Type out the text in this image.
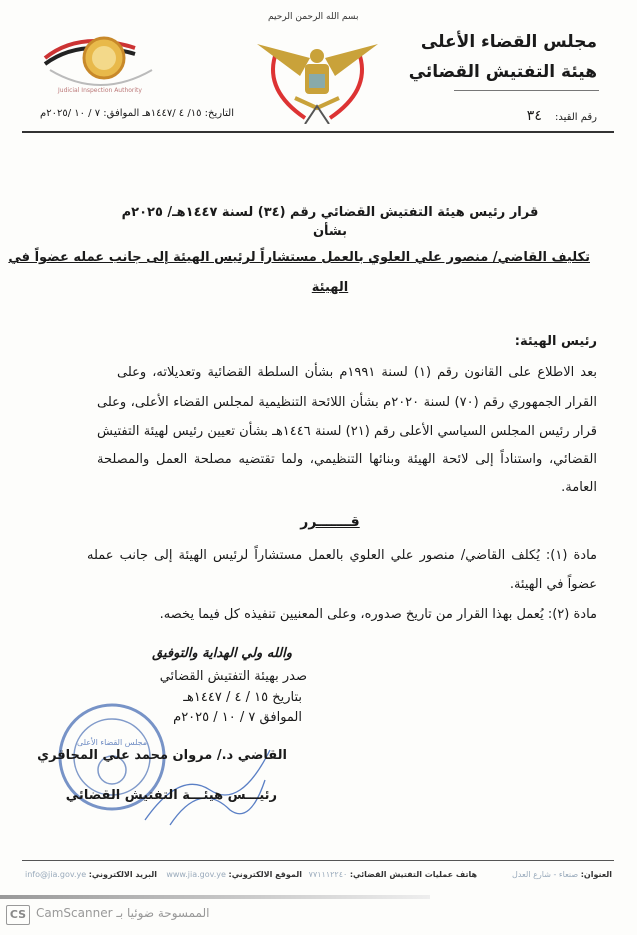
مجلس القضاء الأعلى
هيئة التفتيش القضائي
رقم القيد: ٣٤
التاريخ: ١٥/ ٤ /١٤٤٧هـ الموافق: ٧ / ١٠ /٢٠٢٥م
بسم الله الرحمن الرحيم
Judicial Inspection Authority
قرار رئيس هيئة التفتيش القضائي رقم (٣٤) لسنة ١٤٤٧هـ/ ٢٠٢٥م
بشأن
تكليف القاضي/ منصور علي العلوي بالعمل مستشاراً لرئيس الهيئة إلى جانب عمله عضواً في
الهيئة
رئيس الهيئة:
بعد الاطلاع على القانون رقم (١) لسنة ١٩٩١م بشأن السلطة القضائية وتعديلاته، وعلى
القرار الجمهوري رقم (٧٠) لسنة ٢٠٢٠م بشأن اللائحة التنظيمية لمجلس القضاء الأعلى، وعلى
قرار رئيس المجلس السياسي الأعلى رقم (٢١) لسنة ١٤٤٦هـ بشأن تعيين رئيس لهيئة التفتيش
القضائي، واستناداً إلى لائحة الهيئة وبنائها التنظيمي، ولما تقتضيه مصلحة العمل والمصلحة
العامة.
قـــــــرر
مادة (١): يُكلف القاضي/ منصور علي العلوي بالعمل مستشاراً لرئيس الهيئة إلى جانب عمله
عضواً في الهيئة.
مادة (٢): يُعمل بهذا القرار من تاريخ صدوره، وعلى المعنيين تنفيذه كل فيما يخصه.
والله ولي الهداية والتوفيق
صدر بهيئة التفتيش القضائي
بتاريخ ١٥ / ٤ / ١٤٤٧هـ
الموافق ٧ / ١٠ / ٢٠٢٥م
مجلس القضاء الأعلى
القاضي د./ مروان محمد علي المحاقري
رئيـــس هيئـــة التفتيش القضائي
العنوان: صنعاء - شارع العدل
هاتف عمليات التفتيش القضائي: ٧٧١١١٢٢٤٠
الموقع الالكتروني: www.jia.gov.ye
البريد الالكتروني: info@jia.gov.ye
CS الممسوحة ضوئيا بـ CamScanner
